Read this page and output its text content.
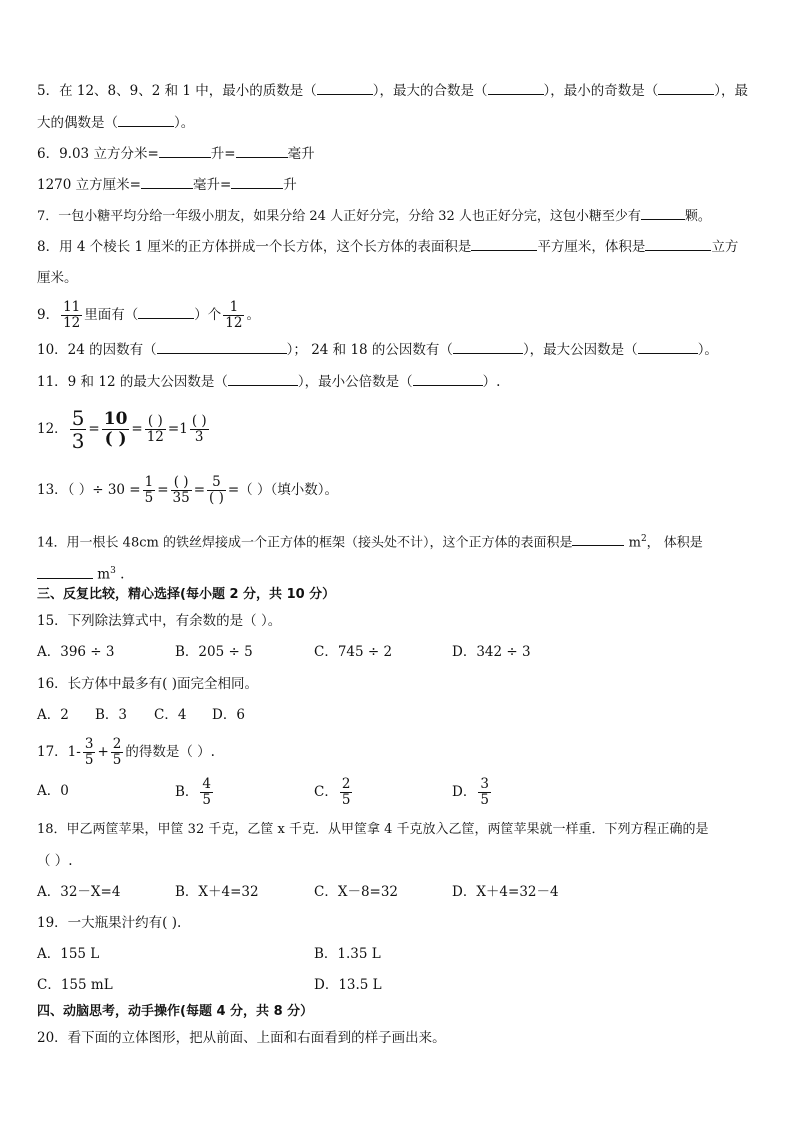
5．在 12、8、9、2 和 1 中，最小的质数是（	），最大的合数是（	），最小的奇数是（	），最
大的偶数是（	）。
6．9.03 立方分米=	升=	毫升
1270 立方厘米=	毫升=	升
7．一包小糖平均分给一年级小朋友，如果分给 24 人正好分完，分给 32 人也正好分完，这包小糖至少有	颗。
8．用 4 个棱长 1 厘米的正方体拼成一个长方体，这个长方体的表面积是	平方厘米，体积是	立方
厘米。
9． $\frac{11}{12}$ 里面有（	）个 $\frac{1}{12}$ 。
10．24 的因数有（	）； 24 和 18 的公因数有（	），最大公因数是（	）。
11．9 和 12 的最大公因数是（	），最小公倍数是（	）.
12． $\frac{5}{3} = \frac{10}{( )} = \frac{( )}{12} =1 \frac{( )}{3}$
13．（ ）÷ $30 = \frac{1}{5} = \frac{( )}{35} = \frac{5}{( )}$ =（ ）（填小数）。
14．用一根长 48cm 的铁丝焊接成一个正方体的框架（接头处不计），这个正方体的表面积是	$m^2$， 体积是
$m^3$ .
三、反复比较，精心选择(每小题 2 分，共 10 分）
15．下列除法算式中，有余数的是（ ）。
A．396 ÷ 3	B．205 ÷ 5	C．745 ÷ 2	D．342 ÷ 3
16．长方体中最多有( )面完全相同。
A．2 B．3 C．4 D．6
17．$1- \frac{3}{5} + \frac{2}{5}$ 的得数是（ ）.
A．0	B． $\frac{4}{5}$	C． $\frac{2}{5}$	D． $\frac{3}{5}$
18．甲乙两筐苹果，甲筐 32 千克，乙筐 x 千克．从甲筐拿 4 千克放入乙筐，两筐苹果就一样重．下列方程正确的是
（ ）.
A．32－X=4	B．X＋4=32	C．X－8=32	D．X＋4=32－4
19．一大瓶果汁约有( ).
A．155 L	B．1.35 L
C．155 mL	D．13.5 L
四、动脑思考，动手操作(每题 4 分，共 8 分）
20．看下面的立体图形，把从前面、上面和右面看到的样子画出来。
